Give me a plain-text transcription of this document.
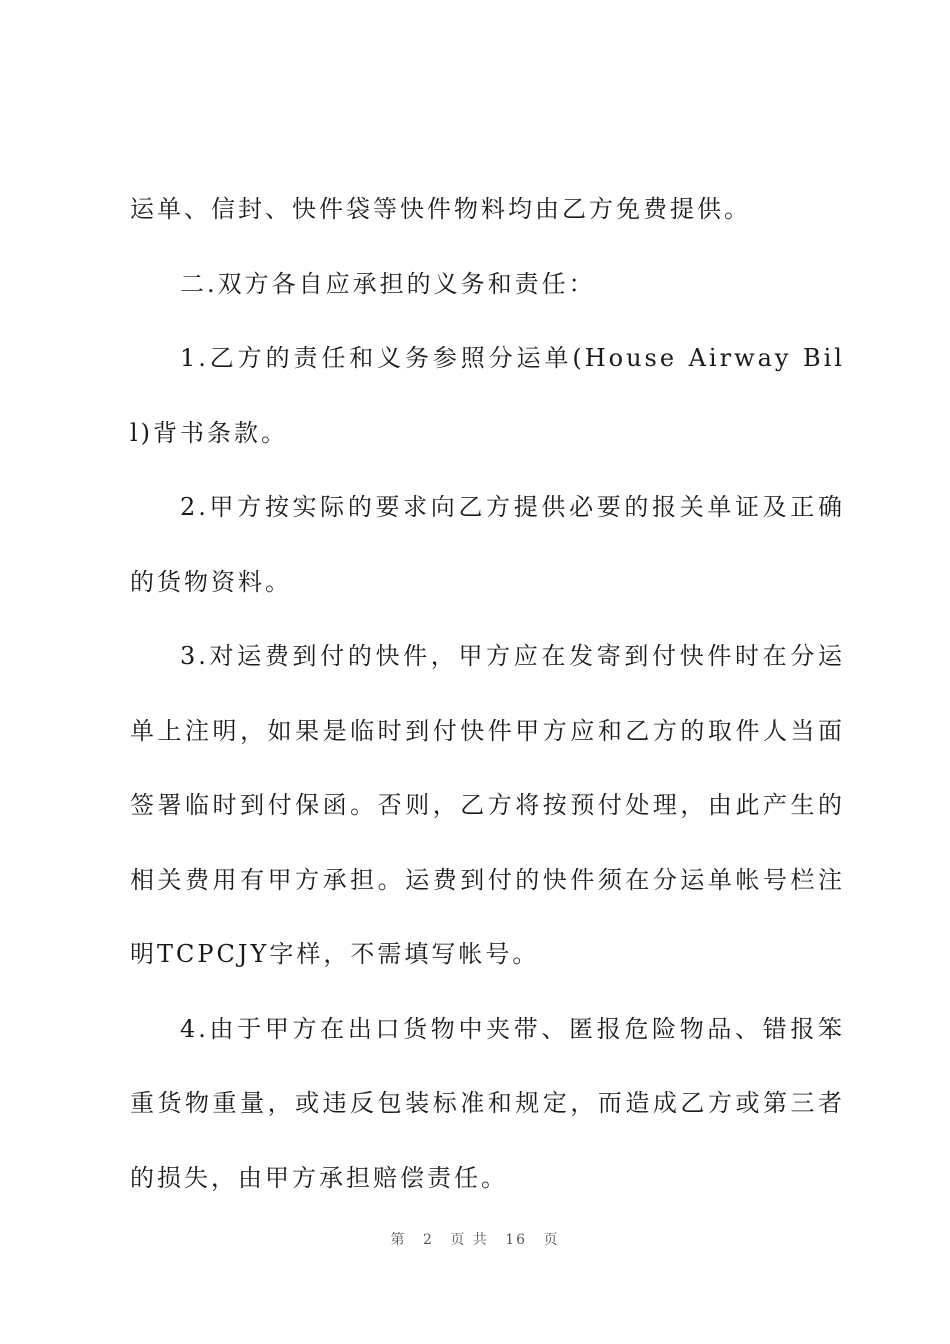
运单、信封、快件袋等快件物料均由乙方免费提供。

二.双方各自应承担的义务和责任：

1.乙方的责任和义务参照分运单(House Airway Bill)背书条款。

2.甲方按实际的要求向乙方提供必要的报关单证及正确的货物资料。

3.对运费到付的快件，甲方应在发寄到付快件时在分运单上注明，如果是临时到付快件甲方应和乙方的取件人当面签署临时到付保函。否则，乙方将按预付处理，由此产生的相关费用有甲方承担。运费到付的快件须在分运单帐号栏注明TCPCJY字样，不需填写帐号。

4.由于甲方在出口货物中夹带、匿报危险物品、错报笨重货物重量，或违反包装标准和规定，而造成乙方或第三者的损失，由甲方承担赔偿责任。

第 2 页 共 16 页
